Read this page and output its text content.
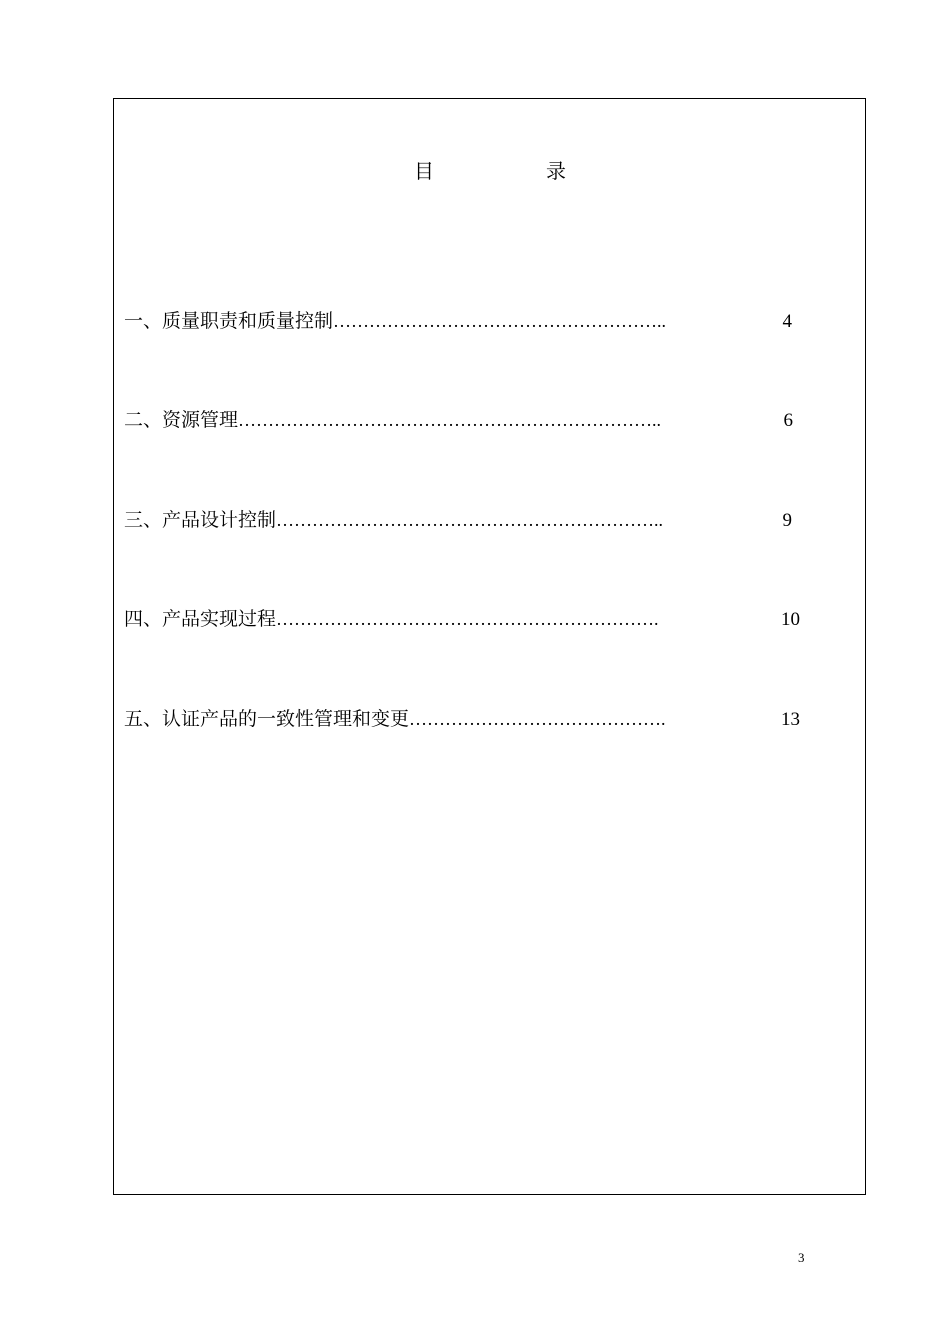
目	录
一、质量职责和质量控制 ………………………………………………..	4
二、资源管理 ……………………………………………………………..	6
三、产品设计控制 ………………………………………………………..	9
四、产品实现过程 ……………………………………………………….	10
五、认证产品的一致性管理和变更 …………………………………….	13
3
